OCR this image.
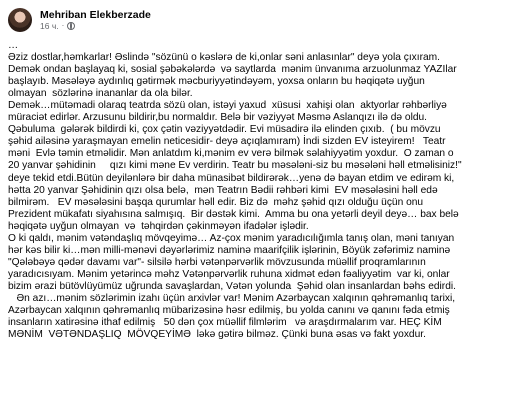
Mehriban Elekberzade
16 ч. ·
…
Əziz dostlar,həmkarlar! Əslində "sözünü o kəslərə de ki,onlar səni anlasınlar" deyə yola çıxıram.
Demək ondan başlayaq ki, sosial şəbəkələrdə  və saytlarda  mənim ünvanıma arzuolunmaz YAZIlar
başlayıb. Məsələyə aydınlıq gətirmək məcburiyyətindəyəm, yoxsa onların bu həqiqətə uyğun
olmayan  sözlərinə inananlar da ola bilər.
Demək…mütəmadi olaraq teatrda sözü olan, istəyi yaxud  xüsusi  xahişi olan  aktyorlar rəhbərliyə
müraciət edirlər. Arzusunu bildirir,bu normaldır. Belə bir vəziyyət Məsmə Aslanqızı ilə də oldu.
Qəbuluma  gələrək bildirdi ki, çox çətin vəziyyətdədir. Evi müsadirə ilə elinden çıxıb.  ( bu mövzu
şəhid ailəsinə yaraşmayan emelin neticesidir- deyə açıqlamıram) İndi sizden EV isteyirem!   Teatr
məni  Evlə təmin etməlidir. Mən anlatdım ki,mənim ev verə bilmək səlahiyyətim yoxdur.  O zaman o
20 yanvar şəhidinin     qızı kimi məne Ev verdirin. Teatr bu məsələni-siz bu məsələni həll etməlisiniz!"
deye tekid etdi.Bütün deyilənlərə bir daha münasibət bildirərək…yenə də bayan etdim ve edirəm ki,
hətta 20 yanvar Şəhidinin qızı olsa belə,  mən Teatrın Bədii rəhbəri kimi  EV məsələsini həll edə
bilmirəm.   EV məsələsini başqa qurumlar həll edir. Biz də  məhz şəhid qızı olduğu üçün onu
Prezident mükafatı siyahısına salmışıq.  Bir dəstək kimi.  Amma bu ona yetərli deyil deyə… bax belə
həqiqətə uyğun olmayan  və  təhqirdən çəkinməyən ifadələr işlədir.
O ki qaldı, mənim vətəndaşlıq mövqeyimə… Az-çox mənim yaradıcılığımla tanış olan, məni tanıyan
hər kəs bilir ki…mən milli-mənəvi dəyərlərimiz naminə maarifçilik işlərinin, Böyük zəfərimiz naminə
"Qələbəyə qədər davamı var"- silsilə hərbi vətənpərvərlik mövzusunda müəllif proqramlarının
yaradıcısıyam. Mənim yetərincə məhz Vətənpərvərlik ruhuna xidmət edən fəaliyyətim  var ki, onlar
bizim ərazi bütövlüyümüz uğrunda savaşlardan, Vətən yolunda  Şəhid olan insanlardan bəhs edirdi.
Ən azı…mənim sözlərimin izahı üçün arxivlər var! Mənim Azərbaycan xalqının qəhrəmanlıq tarixi,
Azərbaycan xalqının qəhrəmanlıq mübarizəsinə həsr edilmiş, bu yolda canını və qanını fəda etmiş
insanların xatirəsinə ithaf edilmiş   50 dən çox müəllif filmlərim   və araşdırmalarım var. HEÇ KİM
MƏNİM  VƏTƏNDAŞLIQ  MÖVQEYİMƏ  ləkə gətirə bilməz. Çünki buna əsas və fakt yoxdur.
